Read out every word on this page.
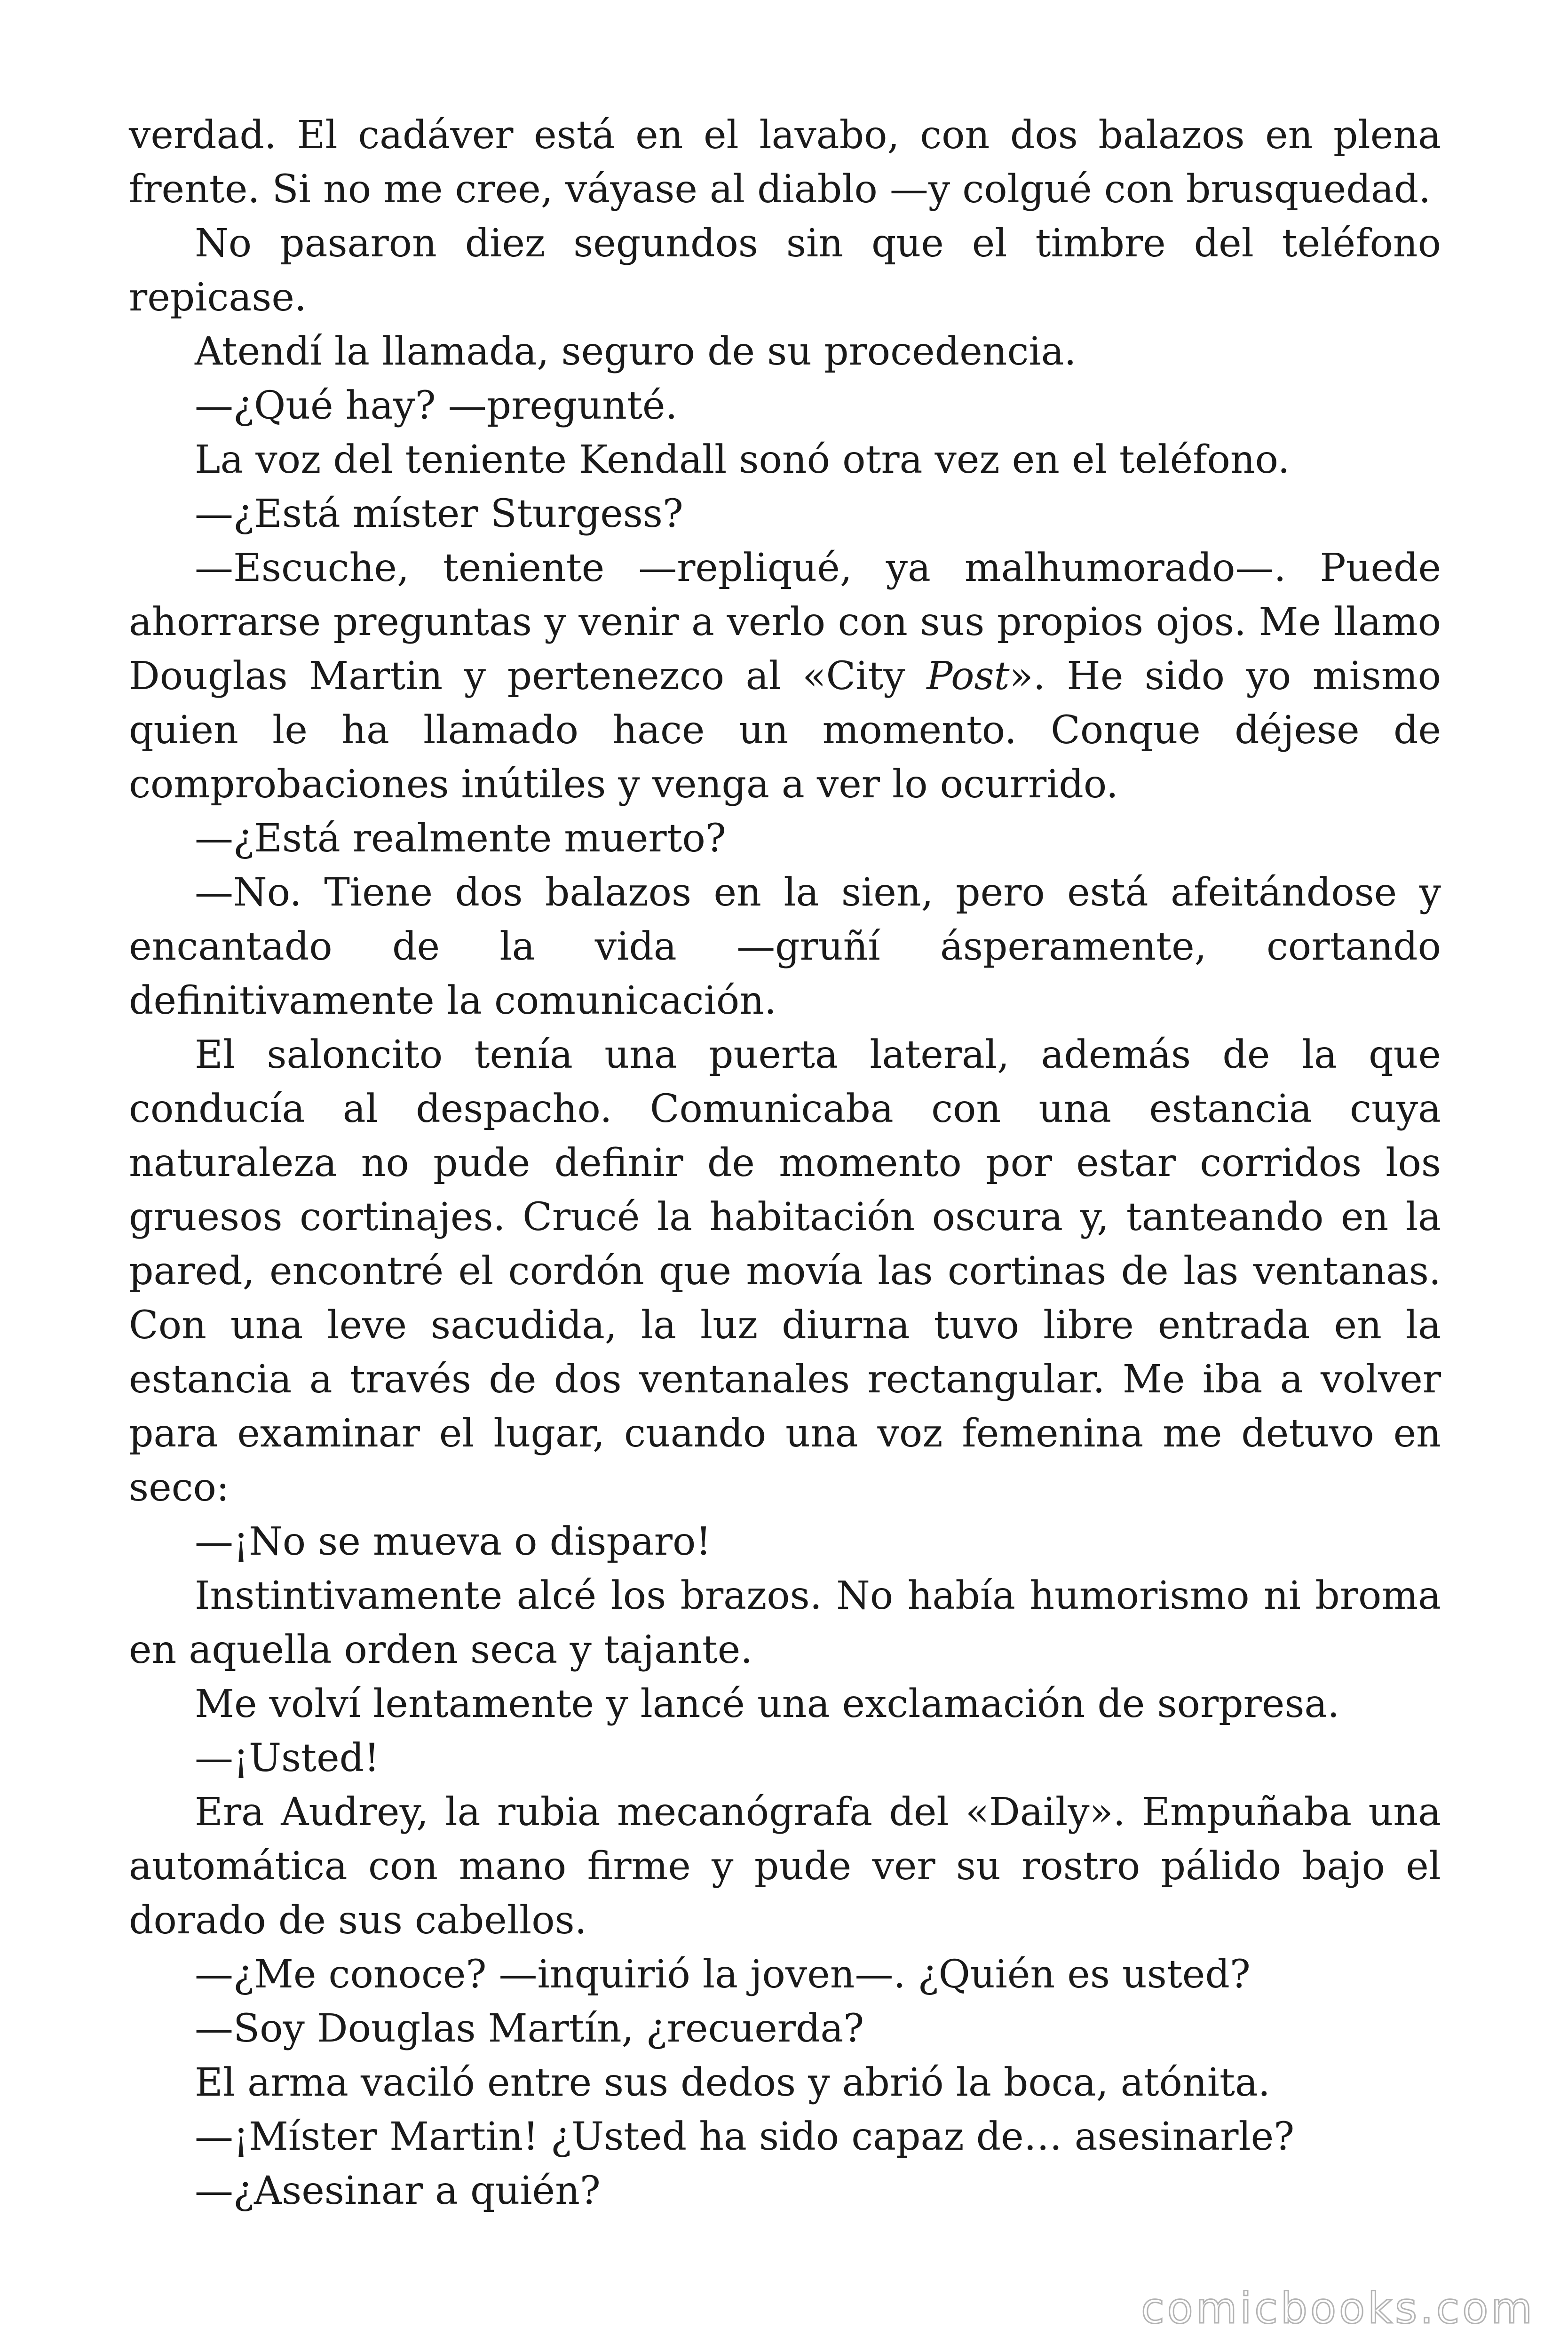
verdad. El cadáver está en el lavabo, con dos balazos en plena frente. Si no me cree, váyase al diablo —y colgué con brusquedad.

No pasaron diez segundos sin que el timbre del teléfono repicase.

Atendí la llamada, seguro de su procedencia.

—¿Qué hay? —pregunté.

La voz del teniente Kendall sonó otra vez en el teléfono.

—¿Está míster Sturgess?

—Escuche, teniente —repliqué, ya malhumorado—. Puede ahorrarse preguntas y venir a verlo con sus propios ojos. Me llamo Douglas Martin y pertenezco al «City Post». He sido yo mismo quien le ha llamado hace un momento. Conque déjese de comprobaciones inútiles y venga a ver lo ocurrido.

—¿Está realmente muerto?

—No. Tiene dos balazos en la sien, pero está afeitándose y encantado de la vida —gruñí ásperamente, cortando definitivamente la comunicación.

El saloncito tenía una puerta lateral, además de la que conducía al despacho. Comunicaba con una estancia cuya naturaleza no pude definir de momento por estar corridos los gruesos cortinajes. Crucé la habitación oscura y, tanteando en la pared, encontré el cordón que movía las cortinas de las ventanas. Con una leve sacudida, la luz diurna tuvo libre entrada en la estancia a través de dos ventanales rectangular. Me iba a volver para examinar el lugar, cuando una voz femenina me detuvo en seco:

—¡No se mueva o disparo!

Instintivamente alcé los brazos. No había humorismo ni broma en aquella orden seca y tajante.

Me volví lentamente y lancé una exclamación de sorpresa.

—¡Usted!

Era Audrey, la rubia mecanógrafa del «Daily». Empuñaba una automática con mano firme y pude ver su rostro pálido bajo el dorado de sus cabellos.

—¿Me conoce? —inquirió la joven—. ¿Quién es usted?

—Soy Douglas Martín, ¿recuerda?

El arma vaciló entre sus dedos y abrió la boca, atónita.

—¡Míster Martin! ¿Usted ha sido capaz de… asesinarle?

—¿Asesinar a quién?

comicbooks.com
